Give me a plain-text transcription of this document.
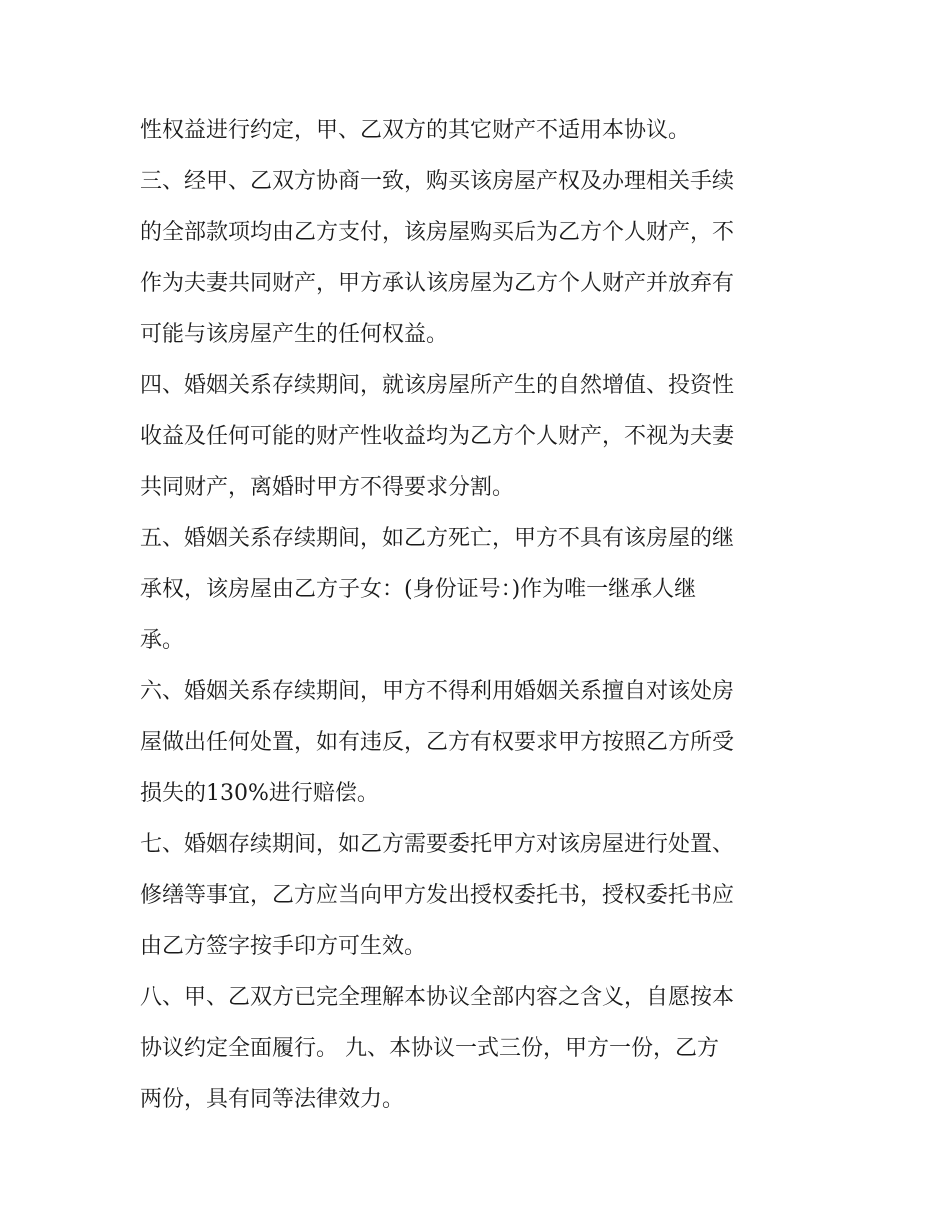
性权益进行约定，甲、乙双方的其它财产不适用本协议。
三、经甲、乙双方协商一致，购买该房屋产权及办理相关手续
的全部款项均由乙方支付，该房屋购买后为乙方个人财产，不
作为夫妻共同财产，甲方承认该房屋为乙方个人财产并放弃有
可能与该房屋产生的任何权益。
四、婚姻关系存续期间，就该房屋所产生的自然增值、投资性
收益及任何可能的财产性收益均为乙方个人财产，不视为夫妻
共同财产，离婚时甲方不得要求分割。
五、婚姻关系存续期间，如乙方死亡，甲方不具有该房屋的继
承权，该房屋由乙方子女：(身份证号：)作为唯一继承人继
承。
六、婚姻关系存续期间，甲方不得利用婚姻关系擅自对该处房
屋做出任何处置，如有违反，乙方有权要求甲方按照乙方所受
损失的130%进行赔偿。
七、婚姻存续期间，如乙方需要委托甲方对该房屋进行处置、
修缮等事宜，乙方应当向甲方发出授权委托书，授权委托书应
由乙方签字按手印方可生效。
八、甲、乙双方已完全理解本协议全部内容之含义，自愿按本
协议约定全面履行。 九、本协议一式三份，甲方一份，乙方
两份，具有同等法律效力。
